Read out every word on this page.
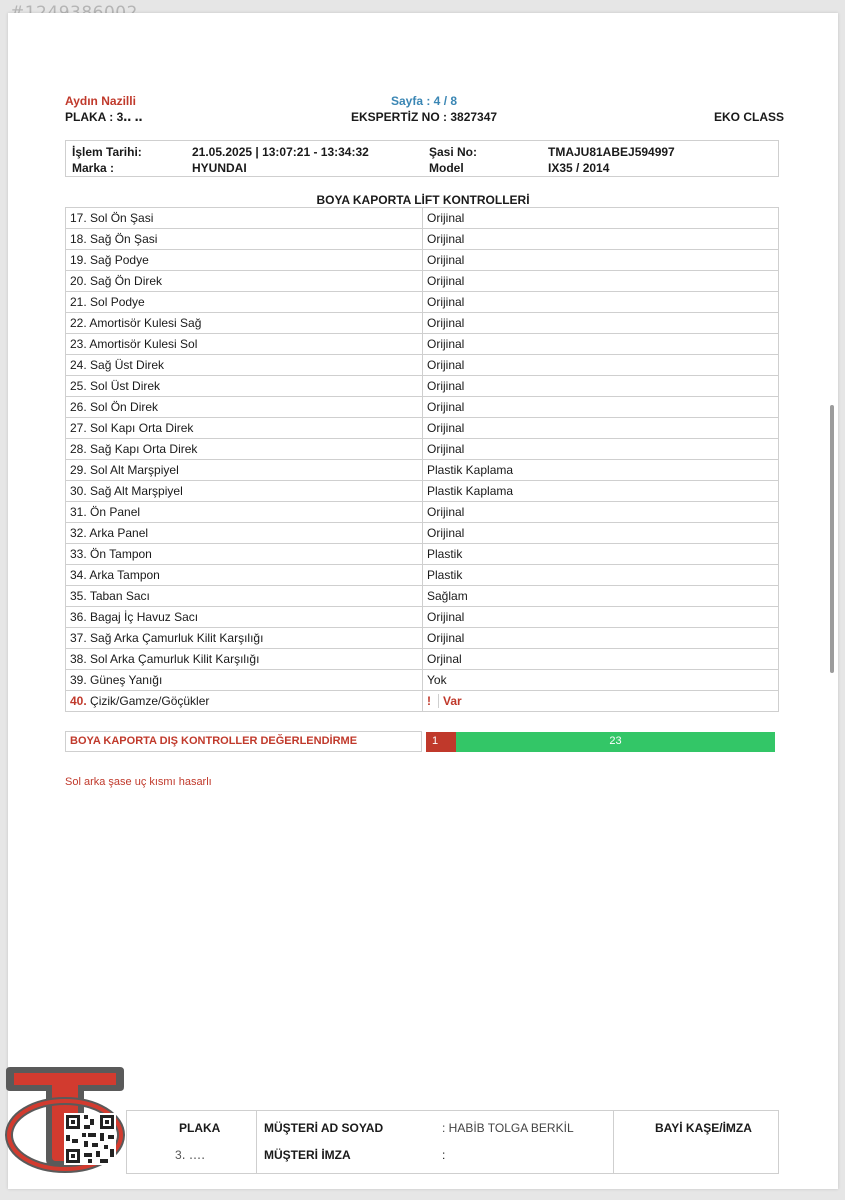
Aydın Nazilli
PLAKA : 3․․ ․․
Sayfa : 4 / 8
EKSPERTİZ NO : 3827347	EKO CLASS
İşlem Tarihi:	21.05.2025 | 13:07:21 - 13:34:32	Şasi No:	TMAJU81ABEJ594997
Marka :	HYUNDAI	Model	IX35 / 2014
BOYA KAPORTA LİFT KONTROLLERİ
17. Sol Ön Şasi	Orijinal
18. Sağ Ön Şasi	Orijinal
19. Sağ Podye	Orijinal
20. Sağ Ön Direk	Orijinal
21. Sol Podye	Orijinal
22. Amortisör Kulesi Sağ	Orijinal
23. Amortisör Kulesi Sol	Orijinal
24. Sağ Üst Direk	Orijinal
25. Sol Üst Direk	Orijinal
26. Sol Ön Direk	Orijinal
27. Sol Kapı Orta Direk	Orijinal
28. Sağ Kapı Orta Direk	Orijinal
29. Sol Alt Marşpiyel	Plastik Kaplama
30. Sağ Alt Marşpiyel	Plastik Kaplama
31. Ön Panel	Orijinal
32. Arka Panel	Orijinal
33. Ön Tampon	Plastik
34. Arka Tampon	Plastik
35. Taban Sacı	Sağlam
36. Bagaj İç Havuz Sacı	Orijinal
37. Sağ Arka Çamurluk Kilit Karşılığı	Orijinal
38. Sol Arka Çamurluk Kilit Karşılığı	Orjinal
39. Güneş Yanığı	Yok
40. Çizik/Gamze/Göçükler	! Var
BOYA KAPORTA DIŞ KONTROLLER DEĞERLENDİRME	1	23
Sol arka şase uç kısmı hasarlı
PLAKA
3․ ․․․․
MÜŞTERİ AD SOYAD	: HABİB TOLGA BERKİL
MÜŞTERİ İMZA	:
BAYİ KAŞE/İMZA
